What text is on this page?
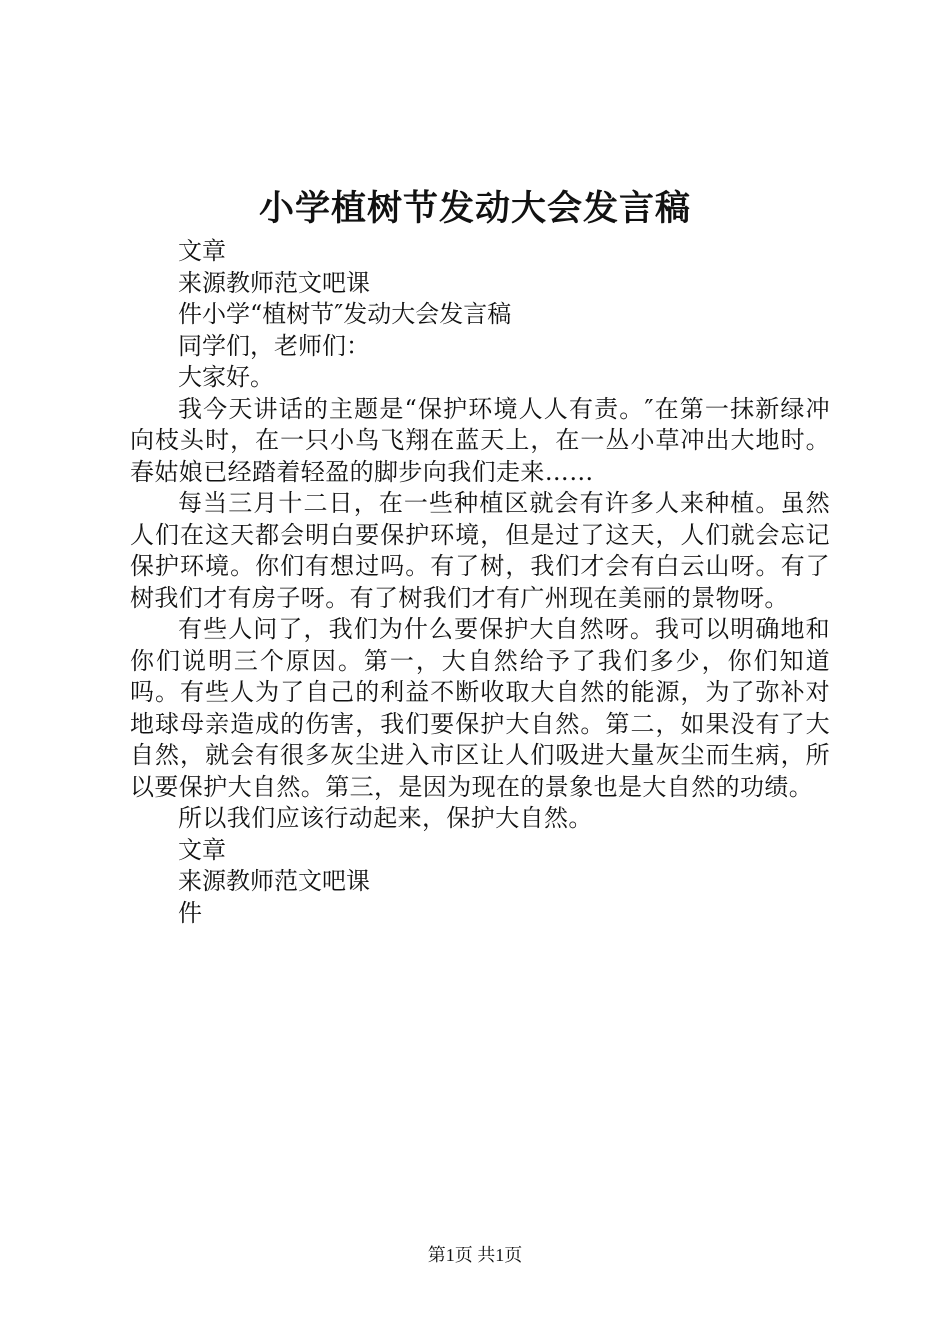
小学植树节发动大会发言稿

文章

来源教师范文吧课

件小学“植树节″发动大会发言稿

同学们，老师们：

大家好。

我今天讲话的主题是“保护环境人人有责。″在第一抹新绿冲向枝头时，在一只小鸟飞翔在蓝天上，在一丛小草冲出大地时。春姑娘已经踏着轻盈的脚步向我们走来……

每当三月十二日，在一些种植区就会有许多人来种植。虽然人们在这天都会明白要保护环境，但是过了这天，人们就会忘记保护环境。你们有想过吗。有了树，我们才会有白云山呀。有了树我们才有房子呀。有了树我们才有广州现在美丽的景物呀。

有些人问了，我们为什么要保护大自然呀。我可以明确地和你们说明三个原因。第一，大自然给予了我们多少，你们知道吗。有些人为了自己的利益不断收取大自然的能源，为了弥补对地球母亲造成的伤害，我们要保护大自然。第二，如果没有了大自然，就会有很多灰尘进入市区让人们吸进大量灰尘而生病，所以要保护大自然。第三，是因为现在的景象也是大自然的功绩。

所以我们应该行动起来，保护大自然。

文章

来源教师范文吧课

件

第1页 共1页
